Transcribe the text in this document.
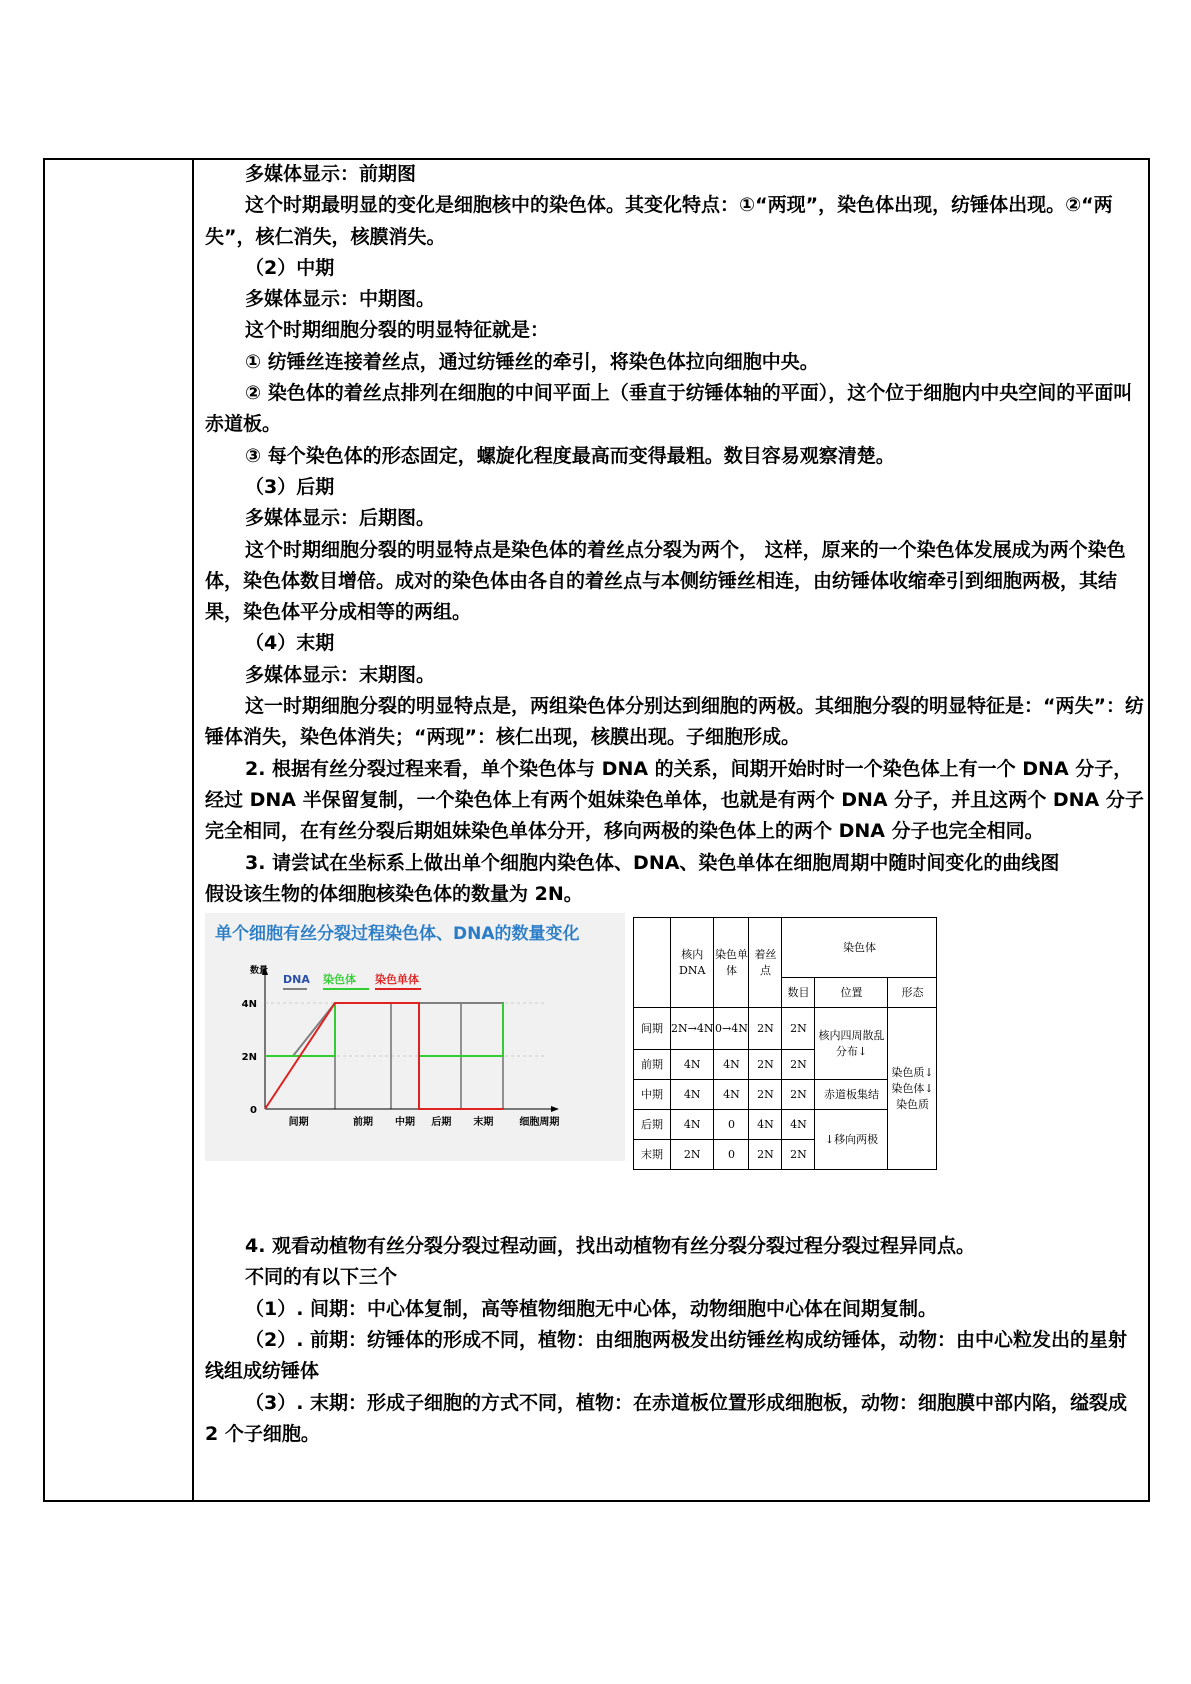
多媒体显示：前期图

这个时期最明显的变化是细胞核中的染色体。其变化特点：①“两现”，染色体出现，纺锤体出现。②“两失”，核仁消失，核膜消失。

（2）中期

多媒体显示：中期图。

这个时期细胞分裂的明显特征就是：

① 纺锤丝连接着丝点，通过纺锤丝的牵引，将染色体拉向细胞中央。

② 染色体的着丝点排列在细胞的中间平面上（垂直于纺锤体轴的平面），这个位于细胞内中央空间的平面叫赤道板。

③ 每个染色体的形态固定，螺旋化程度最高而变得最粗。数目容易观察清楚。

（3）后期

多媒体显示：后期图。

这个时期细胞分裂的明显特点是染色体的着丝点分裂为两个， 这样，原来的一个染色体发展成为两个染色体，染色体数目增倍。成对的染色体由各自的着丝点与本侧纺锤丝相连，由纺锤体收缩牵引到细胞两极，其结果，染色体平分成相等的两组。

（4）末期

多媒体显示：末期图。

这一时期细胞分裂的明显特点是，两组染色体分别达到细胞的两极。其细胞分裂的明显特征是：“两失”：纺锤体消失，染色体消失；“两现”：核仁出现，核膜出现。子细胞形成。

2. 根据有丝分裂过程来看，单个染色体与 DNA 的关系，间期开始时时一个染色体上有一个 DNA 分子，经过 DNA 半保留复制，一个染色体上有两个姐妹染色单体，也就是有两个 DNA 分子，并且这两个 DNA 分子完全相同，在有丝分裂后期姐妹染色单体分开，移向两极的染色体上的两个 DNA 分子也完全相同。

3. 请尝试在坐标系上做出单个细胞内染色体、DNA、染色单体在细胞周期中随时间变化的曲线图

假设该生物的体细胞核染色体的数量为 2N。

单个细胞有丝分裂过程染色体、DNA的数量变化
数量
0
2N
4N
间期	前期 中期 后期 末期	细胞周期
DNA 染色体 染色单体
	核内DNA	染色单体	着丝点	染色体		
				数目	位置	形态
间期	2N→4N	0→4N	2N	2N	核内四周散乱分布↓	染色质↓染色体↓染色质
前期	4N	4N	2N	2N		
中期	4N	4N	2N	2N	赤道板集结	
后期	4N	0	4N	4N	↓移向两极	
末期	2N	0	2N	2N		

4. 观看动植物有丝分裂分裂过程动画，找出动植物有丝分裂分裂过程分裂过程异同点。

不同的有以下三个

（1）. 间期：中心体复制，高等植物细胞无中心体，动物细胞中心体在间期复制。

（2）. 前期：纺锤体的形成不同，植物：由细胞两极发出纺锤丝构成纺锤体，动物：由中心粒发出的星射线组成纺锤体

（3）. 末期：形成子细胞的方式不同，植物：在赤道板位置形成细胞板，动物：细胞膜中部内陷，缢裂成 2 个子细胞。
